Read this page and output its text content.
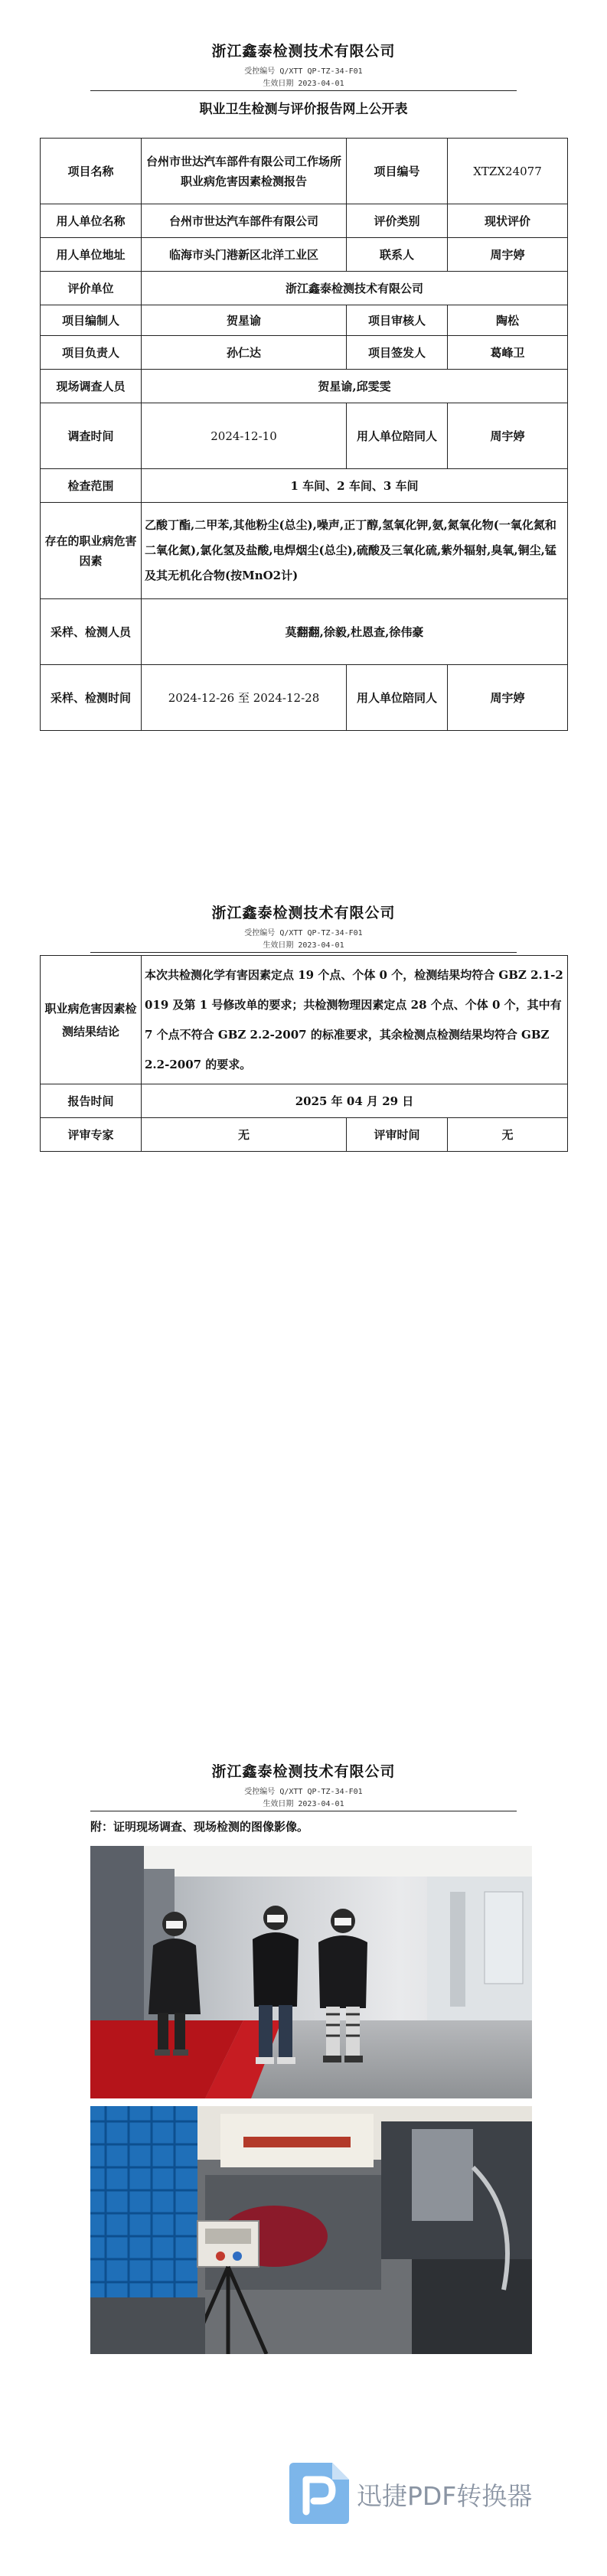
浙江鑫泰检测技术有限公司
受控编号 Q/XTT QP-TZ-34-F01
生效日期 2023-04-01
职业卫生检测与评价报告网上公开表
项目名称	台州市世达汽车部件有限公司工作场所职业病危害因素检测报告	项目编号	XTZX24077
用人单位名称	台州市世达汽车部件有限公司	评价类别	现状评价
用人单位地址	临海市头门港新区北洋工业区	联系人	周宇婷
评价单位	浙江鑫泰检测技术有限公司		
项目编制人	贺星谕	项目审核人	陶松
项目负责人	孙仁达	项目签发人	葛峰卫
现场调查人员	贺星谕,邱雯雯		
调查时间	2024-12-10	用人单位陪同人	周宇婷
检查范围	1 车间、2 车间、3 车间		
存在的职业病危害因素	乙酸丁酯,二甲苯,其他粉尘(总尘),噪声,正丁醇,氢氧化钾,氨,氮氧化物(一氧化氮和二氧化氮),氯化氢及盐酸,电焊烟尘(总尘),硫酸及三氧化硫,紫外辐射,臭氧,铜尘,锰及其无机化合物(按MnO2计)		
采样、检测人员	莫翻翻,徐毅,杜恩查,徐伟豪		
采样、检测时间	2024-12-26 至 2024-12-28	用人单位陪同人	周宇婷
浙江鑫泰检测技术有限公司
受控编号 Q/XTT QP-TZ-34-F01
生效日期 2023-04-01
职业病危害因素检测结果结论	本次共检测化学有害因素定点 19 个点、个体 0 个，检测结果均符合 GBZ 2.1-2019 及第 1 号修改单的要求；共检测物理因素定点 28 个点、个体 0 个，其中有 7 个点不符合 GBZ 2.2-2007 的标准要求，其余检测点检测结果均符合 GBZ 2.2-2007 的要求。		
报告时间	2025 年 04 月 29 日		
评审专家	无	评审时间	无
浙江鑫泰检测技术有限公司
受控编号 Q/XTT QP-TZ-34-F01
生效日期 2023-04-01
附：证明现场调查、现场检测的图像影像。
迅捷PDF转换器
